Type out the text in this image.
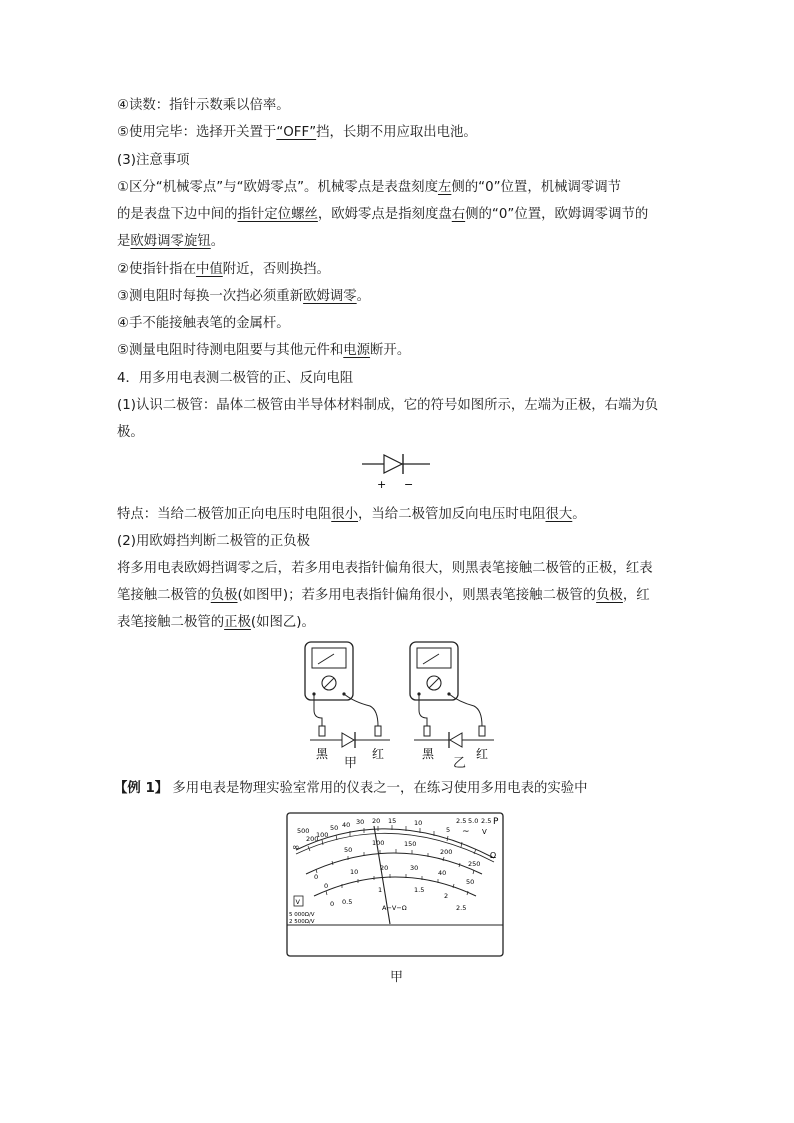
④读数：指针示数乘以倍率。
⑤使用完毕：选择开关置于“OFF”挡，长期不用应取出电池。
(3)注意事项
①区分“机械零点”与“欧姆零点”。机械零点是表盘刻度左侧的“0”位置，机械调零调节
的是表盘下边中间的指针定位螺丝，欧姆零点是指刻度盘右侧的“0”位置，欧姆调零调节的
是欧姆调零旋钮。
②使指针指在中值附近，否则换挡。
③测电阻时每换一次挡必须重新欧姆调零。
④手不能接触表笔的金属杆。
⑤测量电阻时待测电阻要与其他元件和电源断开。
4．用多用电表测二极管的正、反向电阻
(1)认识二极管：晶体二极管由半导体材料制成，它的符号如图所示，左端为正极，右端为负
极。
+ −
特点：当给二极管加正向电压时电阻很小，当给二极管加反向电压时电阻很大。
(2)用欧姆挡判断二极管的正负极
将多用电表欧姆挡调零之后，若多用电表指针偏角很大，则黑表笔接触二极管的正极，红表
笔接触二极管的负极(如图甲)；若多用电表指针偏角很小，则黑表笔接触二极管的负极，红
表笔接触二极管的正极(如图乙)。
黑	红
甲
黑	红
乙
【例 1】 多用电表是物理实验室常用的仪表之一，在练习使用多用电表的实验中
∞
500
200
100
50 40 30 20 15	10
5
2.5 5.0 2.5
~ V
P
Ω
0
50
100	150
200
250
0
10	20	30
40
50
0 0.5
1	1.5
2
2.5
A−V−Ω
V
5 000Ω/V
2 500Ω/V
甲
